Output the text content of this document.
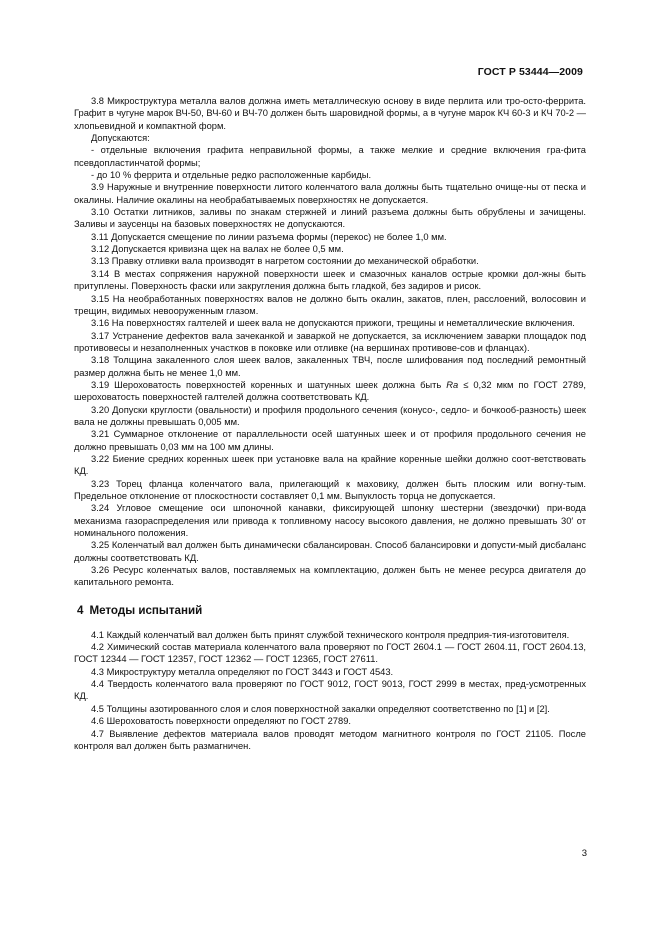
ГОСТ Р 53444—2009

3.8 Микроструктура металла валов должна иметь металлическую основу в виде перлита или тро-осто-феррита. Графит в чугуне марок ВЧ-50, ВЧ-60 и ВЧ-70 должен быть шаровидной формы, а в чугуне марок КЧ 60-3 и КЧ 70-2 — хлопьевидной и компактной форм.

Допускаются:

- отдельные включения графита неправильной формы, а также мелкие и средние включения гра-фита псевдопластинчатой формы;

- до 10 % феррита и отдельные редко расположенные карбиды.

3.9 Наружные и внутренние поверхности литого коленчатого вала должны быть тщательно очище-ны от песка и окалины. Наличие окалины на необрабатываемых поверхностях не допускается.

3.10 Остатки литников, заливы по знакам стержней и линий разъема должны быть обрублены и зачищены. Заливы и заусенцы на базовых поверхностях не допускаются.

3.11 Допускается смещение по линии разъема формы (перекос) не более 1,0 мм.

3.12 Допускается кривизна щек на валах не более 0,5 мм.

3.13 Правку отливки вала производят в нагретом состоянии до механической обработки.

3.14 В местах сопряжения наружной поверхности шеек и смазочных каналов острые кромки дол-жны быть притуплены. Поверхность фаски или закругления должна быть гладкой, без задиров и рисок.

3.15 На необработанных поверхностях валов не должно быть окалин, закатов, плен, расслоений, волосовин и трещин, видимых невооруженным глазом.

3.16 На поверхностях галтелей и шеек вала не допускаются прижоги, трещины и неметаллические включения.

3.17 Устранение дефектов вала зачеканкой и заваркой не допускается, за исключением заварки площадок под противовесы и незаполненных участков в поковке или отливке (на вершинах противове-сов и фланцах).

3.18 Толщина закаленного слоя шеек валов, закаленных ТВЧ, после шлифования под последний ремонтный размер должна быть не менее 1,0 мм.

3.19 Шероховатость поверхностей коренных и шатунных шеек должна быть Ra ≤ 0,32 мкм по ГОСТ 2789, шероховатость поверхностей галтелей должна соответствовать КД.

3.20 Допуски круглости (овальности) и профиля продольного сечения (конусо-, седло- и бочкооб-разность) шеек вала не должны превышать 0,005 мм.

3.21 Суммарное отклонение от параллельности осей шатунных шеек и от профиля продольного сечения не должно превышать 0,03 мм на 100 мм длины.

3.22 Биение средних коренных шеек при установке вала на крайние коренные шейки должно соот-ветствовать КД.

3.23 Торец фланца коленчатого вала, прилегающий к маховику, должен быть плоским или вогну-тым. Предельное отклонение от плоскостности составляет 0,1 мм. Выпуклость торца не допускается.

3.24 Угловое смещение оси шпоночной канавки, фиксирующей шпонку шестерни (звездочки) при-вода механизма газораспределения или привода к топливному насосу высокого давления, не должно превышать 30′ от номинального положения.

3.25 Коленчатый вал должен быть динамически сбалансирован. Способ балансировки и допусти-мый дисбаланс должны соответствовать КД.

3.26 Ресурс коленчатых валов, поставляемых на комплектацию, должен быть не менее ресурса двигателя до капитального ремонта.

4 Методы испытаний

4.1 Каждый коленчатый вал должен быть принят службой технического контроля предприя-тия-изготовителя.

4.2 Химический состав материала коленчатого вала проверяют по ГОСТ 2604.1 — ГОСТ 2604.11, ГОСТ 2604.13, ГОСТ 12344 — ГОСТ 12357, ГОСТ 12362 — ГОСТ 12365, ГОСТ 27611.

4.3 Микроструктуру металла определяют по ГОСТ 3443 и ГОСТ 4543.

4.4 Твердость коленчатого вала проверяют по ГОСТ 9012, ГОСТ 9013, ГОСТ 2999 в местах, пред-усмотренных КД.

4.5 Толщины азотированного слоя и слоя поверхностной закалки определяют соответственно по [1] и [2].

4.6 Шероховатость поверхности определяют по ГОСТ 2789.

4.7 Выявление дефектов материала валов проводят методом магнитного контроля по ГОСТ 21105. После контроля вал должен быть размагничен.

3
